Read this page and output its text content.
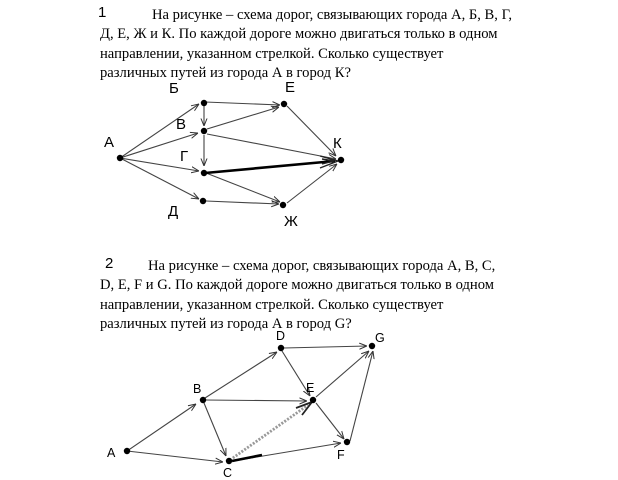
1	На рисунке – схема дорог, связывающих города А, Б, В, Г,
Д, Е, Ж и К. По каждой дороге можно двигаться только в одном
направлении, указанном стрелкой. Сколько существует
различных путей из города А в город К?
А
Б
В
Г
Д
Е
Ж
К
A
B
C
D
E
F
G
2	На рисунке – схема дорог, связывающих города A, B, C,
D, E, F и G. По каждой дороге можно двигаться только в одном
направлении, указанном стрелкой. Сколько существует
различных путей из города А в город G?
